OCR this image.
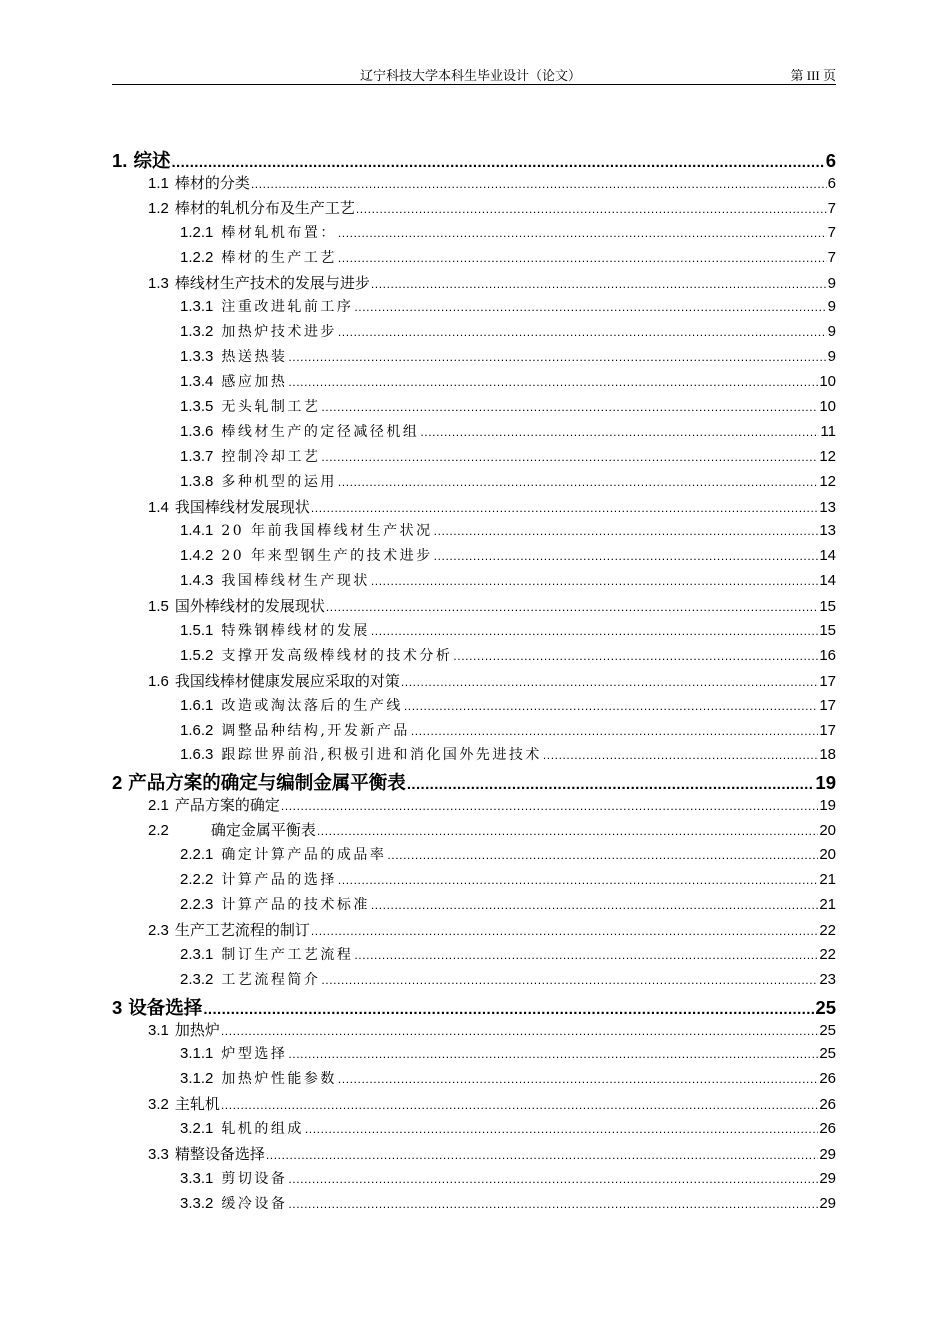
辽宁科技大学本科生毕业设计（论文）	第 III 页
1. 综述 .....	6
1.1 棒材的分类 .....	6
1.2 棒材的轧机分布及生产工艺 .....	7
1.2.1 棒材轧机布置： .....	7
1.2.2 棒材的生产工艺 .....	7
1.3 棒线材生产技术的发展与进步 .....	9
1.3.1 注重改进轧前工序 .....	9
1.3.2 加热炉技术进步 .....	9
1.3.3 热送热装 .....	9
1.3.4 感应加热 .....	10
1.3.5 无头轧制工艺 .....	10
1.3.6 棒线材生产的定径减径机组 .....	11
1.3.7 控制冷却工艺 .....	12
1.3.8 多种机型的运用 .....	12
1.4 我国棒线材发展现状 .....	13
1.4.1 20 年前我国棒线材生产状况 .....	13
1.4.2 20 年来型钢生产的技术进步 .....	14
1.4.3 我国棒线材生产现状 .....	14
1.5 国外棒线材的发展现状 .....	15
1.5.1 特殊钢棒线材的发展 .....	15
1.5.2 支撑开发高级棒线材的技术分析 .....	16
1.6 我国线棒材健康发展应采取的对策 .....	17
1.6.1 改造或淘汰落后的生产线 .....	17
1.6.2 调整品种结构,开发新产品 .....	17
1.6.3 跟踪世界前沿,积极引进和消化国外先进技术 .....	18
2 产品方案的确定与编制金属平衡表 .....	19
2.1 产品方案的确定 .....	19
2.2	确定金属平衡表 .....	20
2.2.1 确定计算产品的成品率 .....	20
2.2.2 计算产品的选择 .....	21
2.2.3 计算产品的技术标准 .....	21
2.3 生产工艺流程的制订 .....	22
2.3.1 制订生产工艺流程 .....	22
2.3.2 工艺流程简介 .....	23
3 设备选择 .....	25
3.1 加热炉 .....	25
3.1.1 炉型选择 .....	25
3.1.2 加热炉性能参数 .....	26
3.2 主轧机 .....	26
3.2.1 轧机的组成 .....	26
3.3 精整设备选择 .....	29
3.3.1 剪切设备 .....	29
3.3.2 缓冷设备 .....	29
